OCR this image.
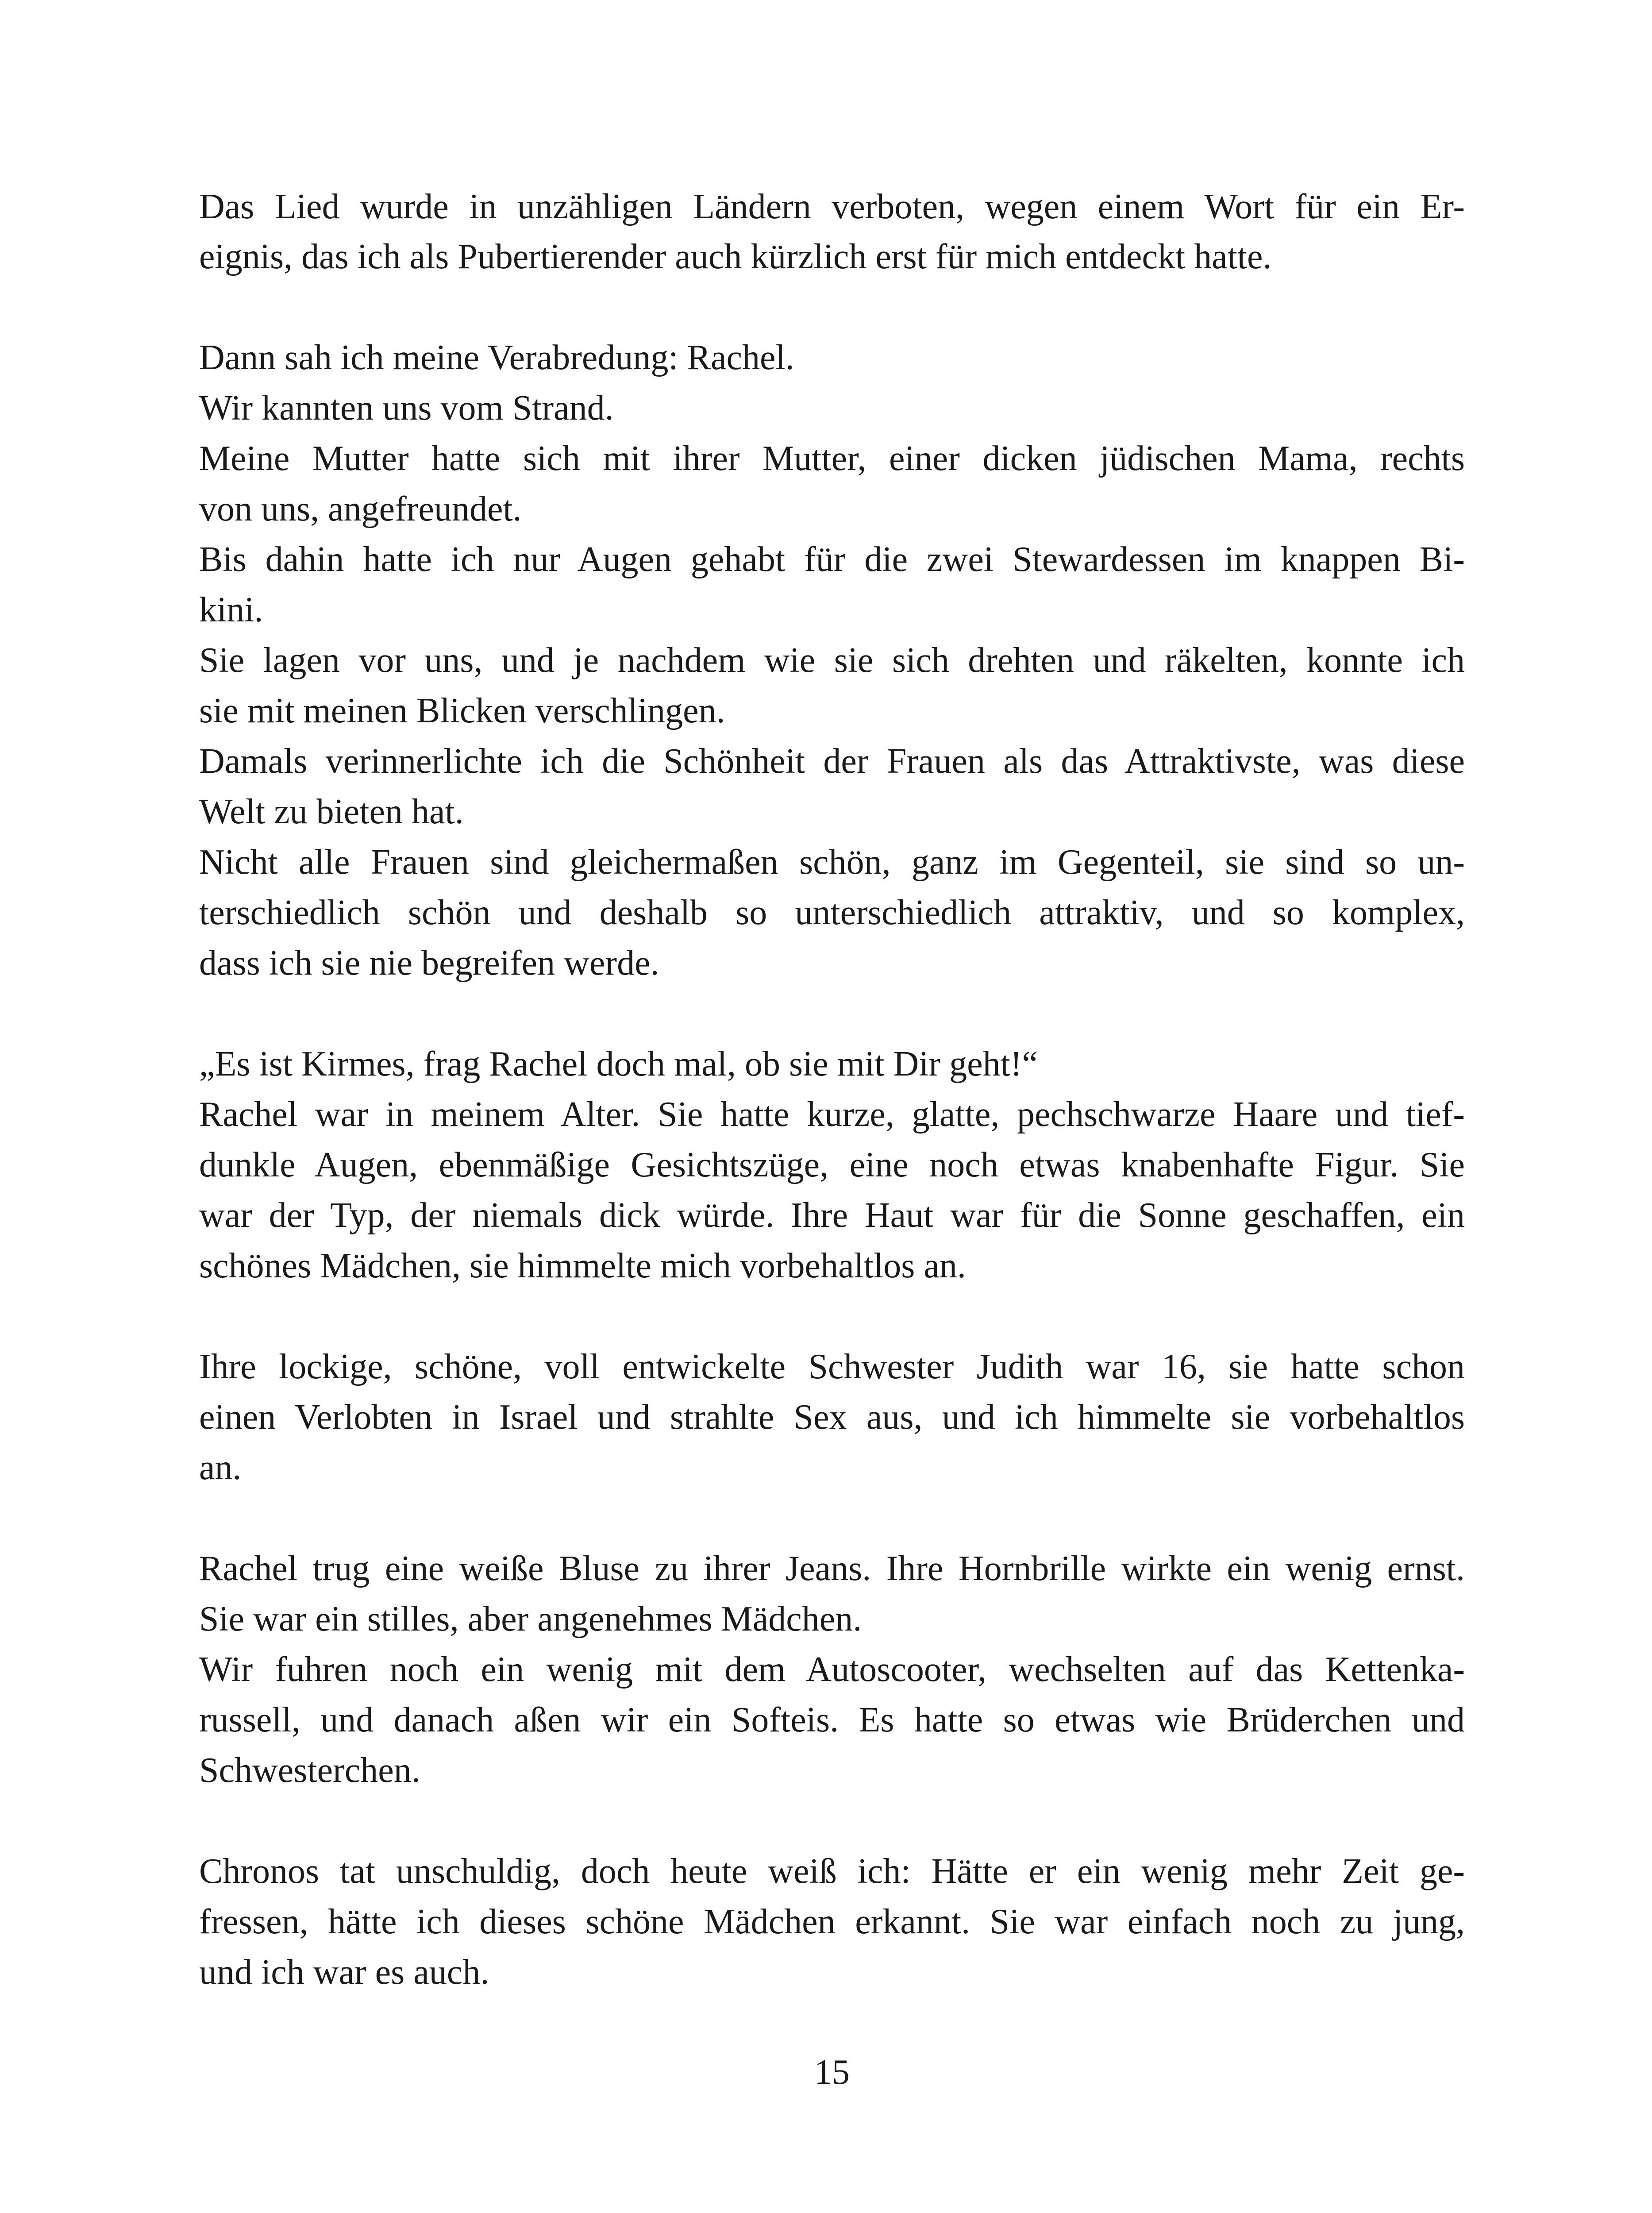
Das Lied wurde in unzähligen Ländern verboten, wegen einem Wort für ein Er-
eignis, das ich als Pubertierender auch kürzlich erst für mich entdeckt hatte.
Dann sah ich meine Verabredung: Rachel.
Wir kannten uns vom Strand.
Meine Mutter hatte sich mit ihrer Mutter, einer dicken jüdischen Mama, rechts
von uns, angefreundet.
Bis dahin hatte ich nur Augen gehabt für die zwei Stewardessen im knappen Bi-
kini.
Sie lagen vor uns, und je nachdem wie sie sich drehten und räkelten, konnte ich
sie mit meinen Blicken verschlingen.
Damals verinnerlichte ich die Schönheit der Frauen als das Attraktivste, was diese
Welt zu bieten hat.
Nicht alle Frauen sind gleichermaßen schön, ganz im Gegenteil, sie sind so un-
terschiedlich schön und deshalb so unterschiedlich attraktiv, und so komplex,
dass ich sie nie begreifen werde.
„Es ist Kirmes, frag Rachel doch mal, ob sie mit Dir geht!“
Rachel war in meinem Alter. Sie hatte kurze, glatte, pechschwarze Haare und tief-
dunkle Augen, ebenmäßige Gesichtszüge, eine noch etwas knabenhafte Figur. Sie
war der Typ, der niemals dick würde. Ihre Haut war für die Sonne geschaffen, ein
schönes Mädchen, sie himmelte mich vorbehaltlos an.
Ihre lockige, schöne, voll entwickelte Schwester Judith war 16, sie hatte schon
einen Verlobten in Israel und strahlte Sex aus, und ich himmelte sie vorbehaltlos
an.
Rachel trug eine weiße Bluse zu ihrer Jeans. Ihre Hornbrille wirkte ein wenig ernst.
Sie war ein stilles, aber angenehmes Mädchen.
Wir fuhren noch ein wenig mit dem Autoscooter, wechselten auf das Kettenka-
russell, und danach aßen wir ein Softeis. Es hatte so etwas wie Brüderchen und
Schwesterchen.
Chronos tat unschuldig, doch heute weiß ich: Hätte er ein wenig mehr Zeit ge-
fressen, hätte ich dieses schöne Mädchen erkannt. Sie war einfach noch zu jung,
und ich war es auch.
15
